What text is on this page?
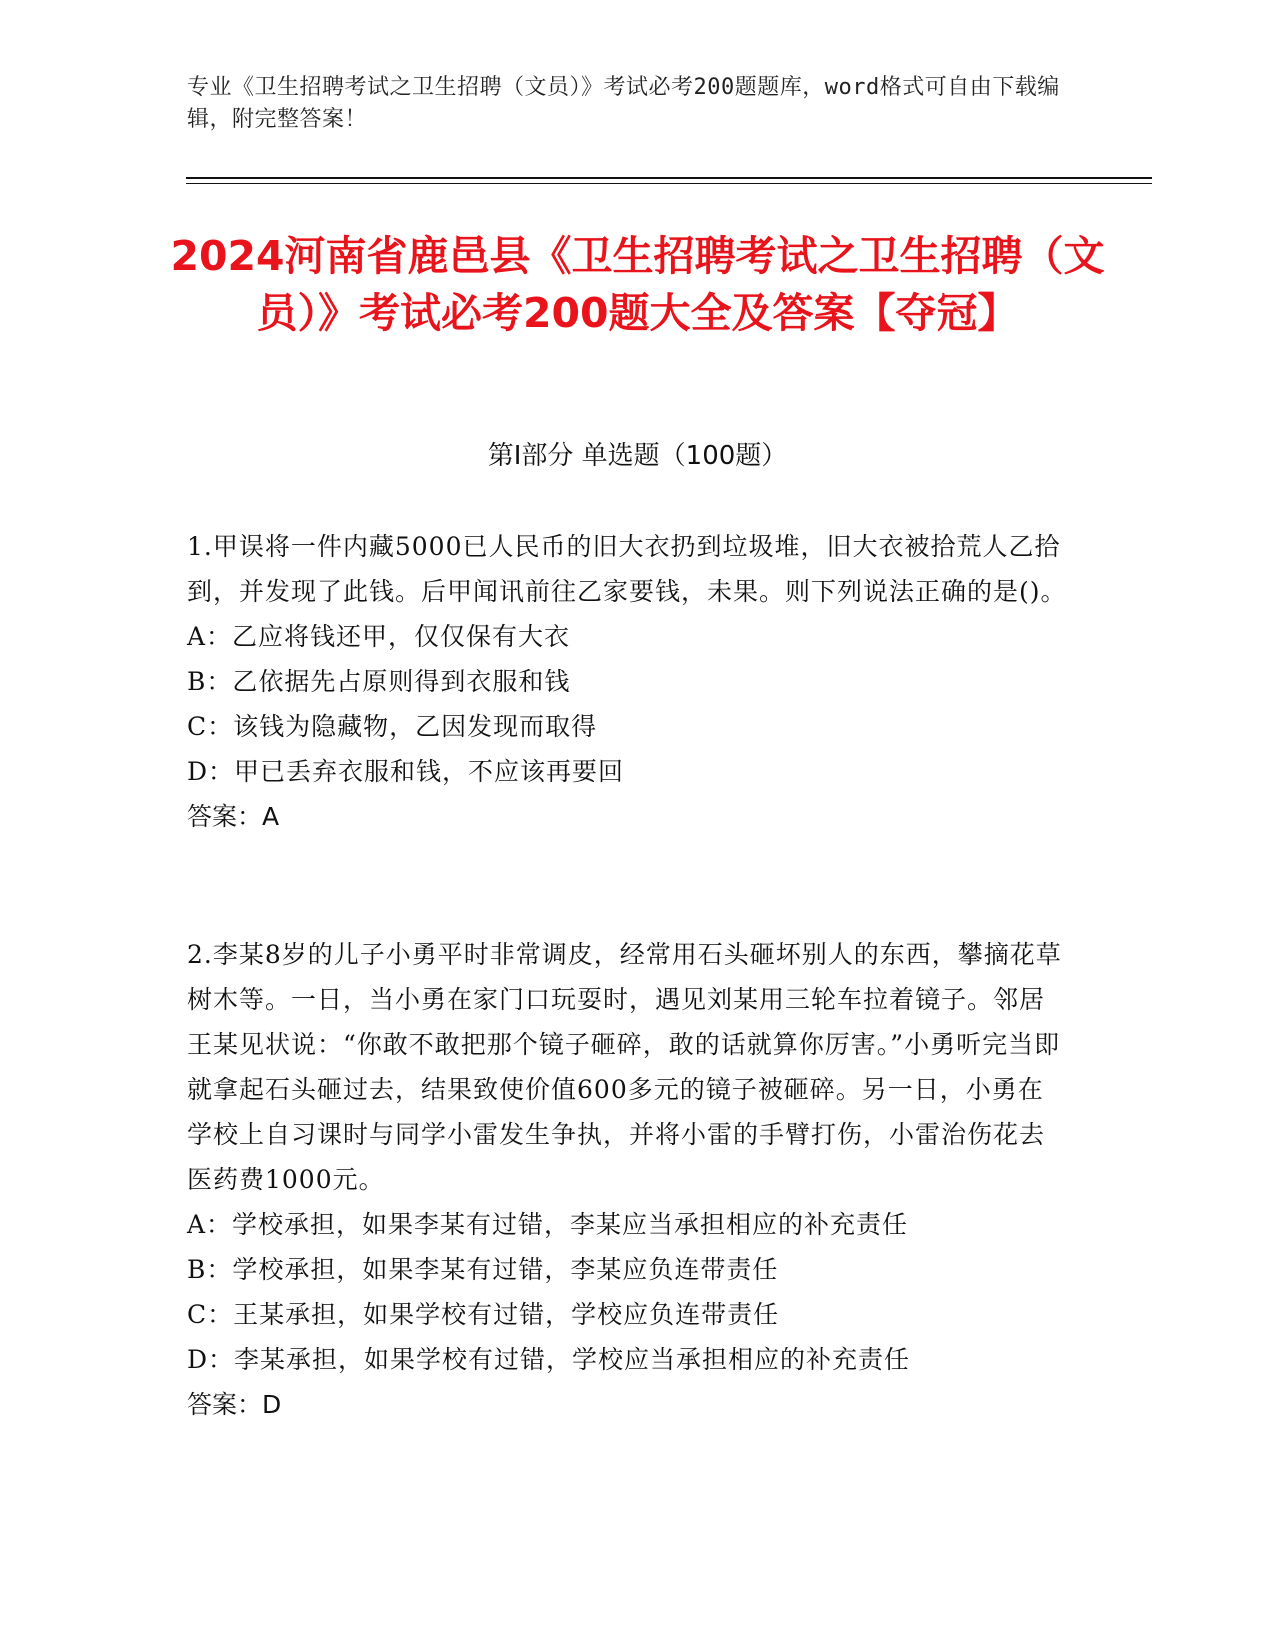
专业《卫生招聘考试之卫生招聘（文员）》考试必考200题题库，word格式可自由下载编辑，附完整答案！
2024河南省鹿邑县《卫生招聘考试之卫生招聘（文员）》考试必考200题大全及答案【夺冠】
第Ⅰ部分 单选题（100题）
1.甲误将一件内藏5000已人民币的旧大衣扔到垃圾堆，旧大衣被拾荒人乙拾到，并发现了此钱。后甲闻讯前往乙家要钱，未果。则下列说法正确的是()。
A：乙应将钱还甲，仅仅保有大衣
B：乙依据先占原则得到衣服和钱
C：该钱为隐藏物，乙因发现而取得
D：甲已丢弃衣服和钱，不应该再要回
答案：A
2.李某8岁的儿子小勇平时非常调皮，经常用石头砸坏别人的东西，攀摘花草树木等。一日，当小勇在家门口玩耍时，遇见刘某用三轮车拉着镜子。邻居王某见状说：“你敢不敢把那个镜子砸碎，敢的话就算你厉害。”小勇听完当即就拿起石头砸过去，结果致使价值600多元的镜子被砸碎。另一日，小勇在学校上自习课时与同学小雷发生争执，并将小雷的手臂打伤，小雷治伤花去医药费1000元。
A：学校承担，如果李某有过错，李某应当承担相应的补充责任
B：学校承担，如果李某有过错，李某应负连带责任
C：王某承担，如果学校有过错，学校应负连带责任
D：李某承担，如果学校有过错，学校应当承担相应的补充责任
答案：D
